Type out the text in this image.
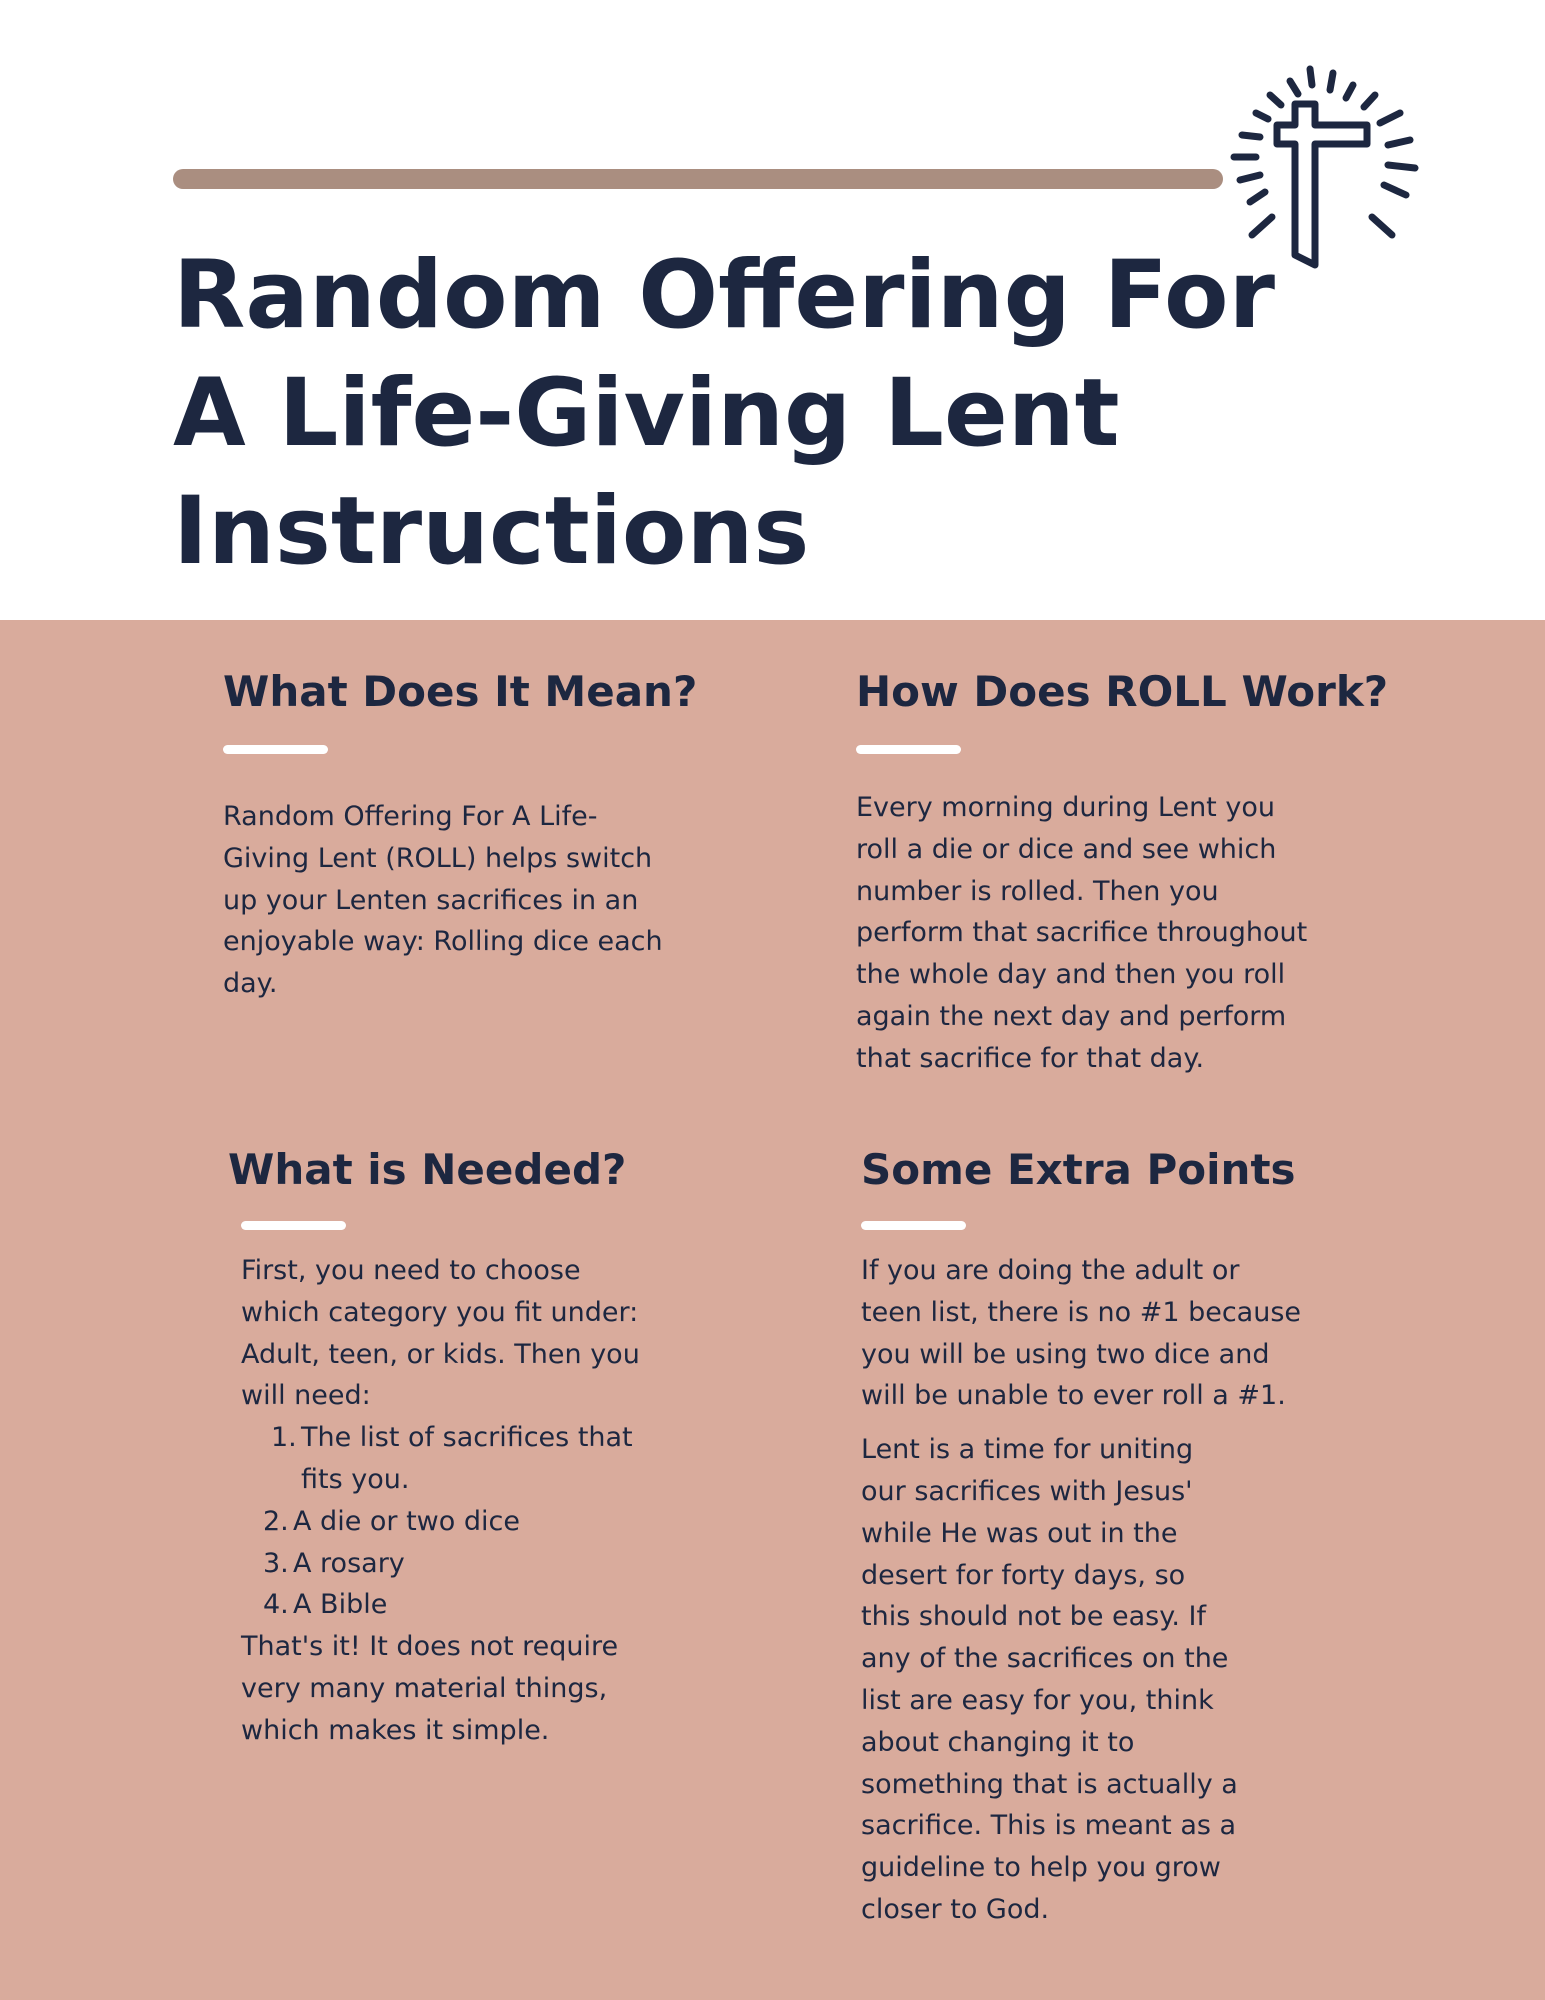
Random Offering For
A Life-Giving Lent
Instructions
What Does It Mean?

Random Offering For A Life-Giving Lent (ROLL) helps switch up your Lenten sacrifices in an enjoyable way: Rolling dice each day.

How Does ROLL Work?

Every morning during Lent you roll a die or dice and see which number is rolled. Then you perform that sacrifice throughout the whole day and then you roll again the next day and perform that sacrifice for that day.

What is Needed?

First, you need to choose which category you fit under: Adult, teen, or kids. Then you will need:

1. The list of sacrifices that fits you.
2. A die or two dice
3. A rosary
4. A Bible

That's it! It does not require very many material things, which makes it simple.

Some Extra Points

If you are doing the adult or teen list, there is no #1 because you will be using two dice and will be unable to ever roll a #1.

Lent is a time for uniting our sacrifices with Jesus' while He was out in the desert for forty days, so this should not be easy. If any of the sacrifices on the list are easy for you, think about changing it to something that is actually a sacrifice. This is meant as a guideline to help you grow closer to God.
